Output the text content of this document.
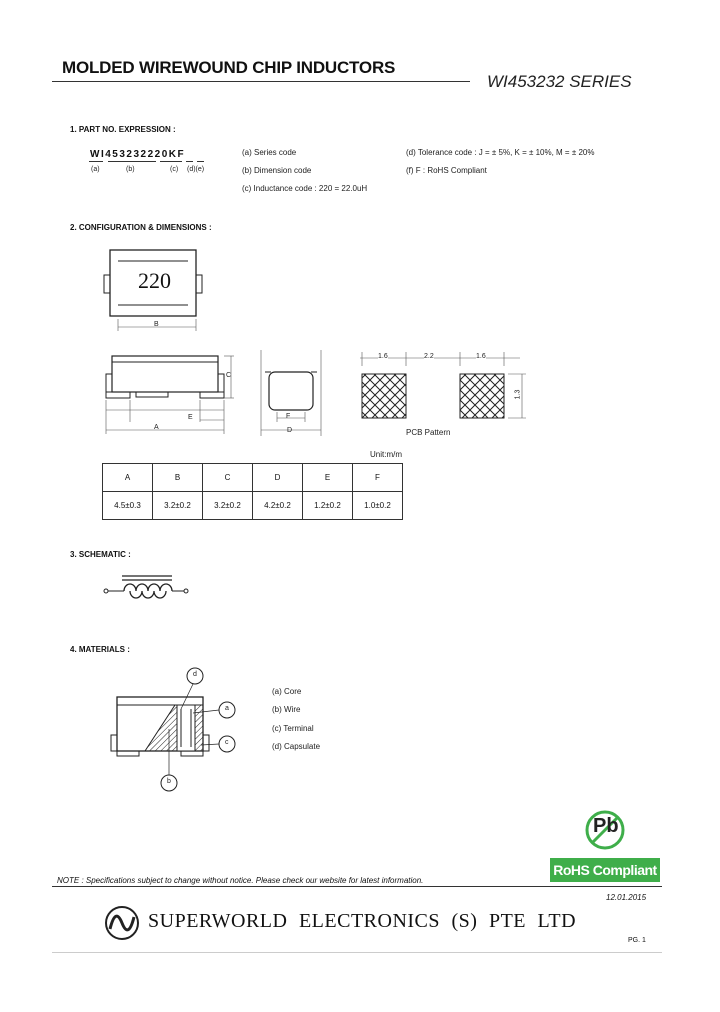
MOLDED WIREWOUND CHIP INDUCTORS
WI453232 SERIES
1. PART NO. EXPRESSION :
WI453232220KF
(a)	(b)	(c) (d)(e)
(a) Series code
(b) Dimension code
(c) Inductance code : 220 = 22.0uH
(d) Tolerance code : J = ± 5%, K = ± 10%, M = ± 20%
(f) F : RoHS Compliant
2. CONFIGURATION & DIMENSIONS :
220
B
C
E
A
F
D
1.6	2.2	1.6
1.3
PCB Pattern
Unit:m/m
A	B	C	D	E	F
4.5±0.3	3.2±0.2	3.2±0.2	4.2±0.2	1.2±0.2	1.0±0.2
3. SCHEMATIC :
4. MATERIALS :
d
a
c
b
(a) Core
(b) Wire
(c) Terminal
(d) Capsulate
Pb
RoHS Compliant
NOTE : Specifications subject to change without notice. Please check our website for latest information.
12.01.2015
SUPERWORLD ELECTRONICS (S) PTE LTD
PG. 1
